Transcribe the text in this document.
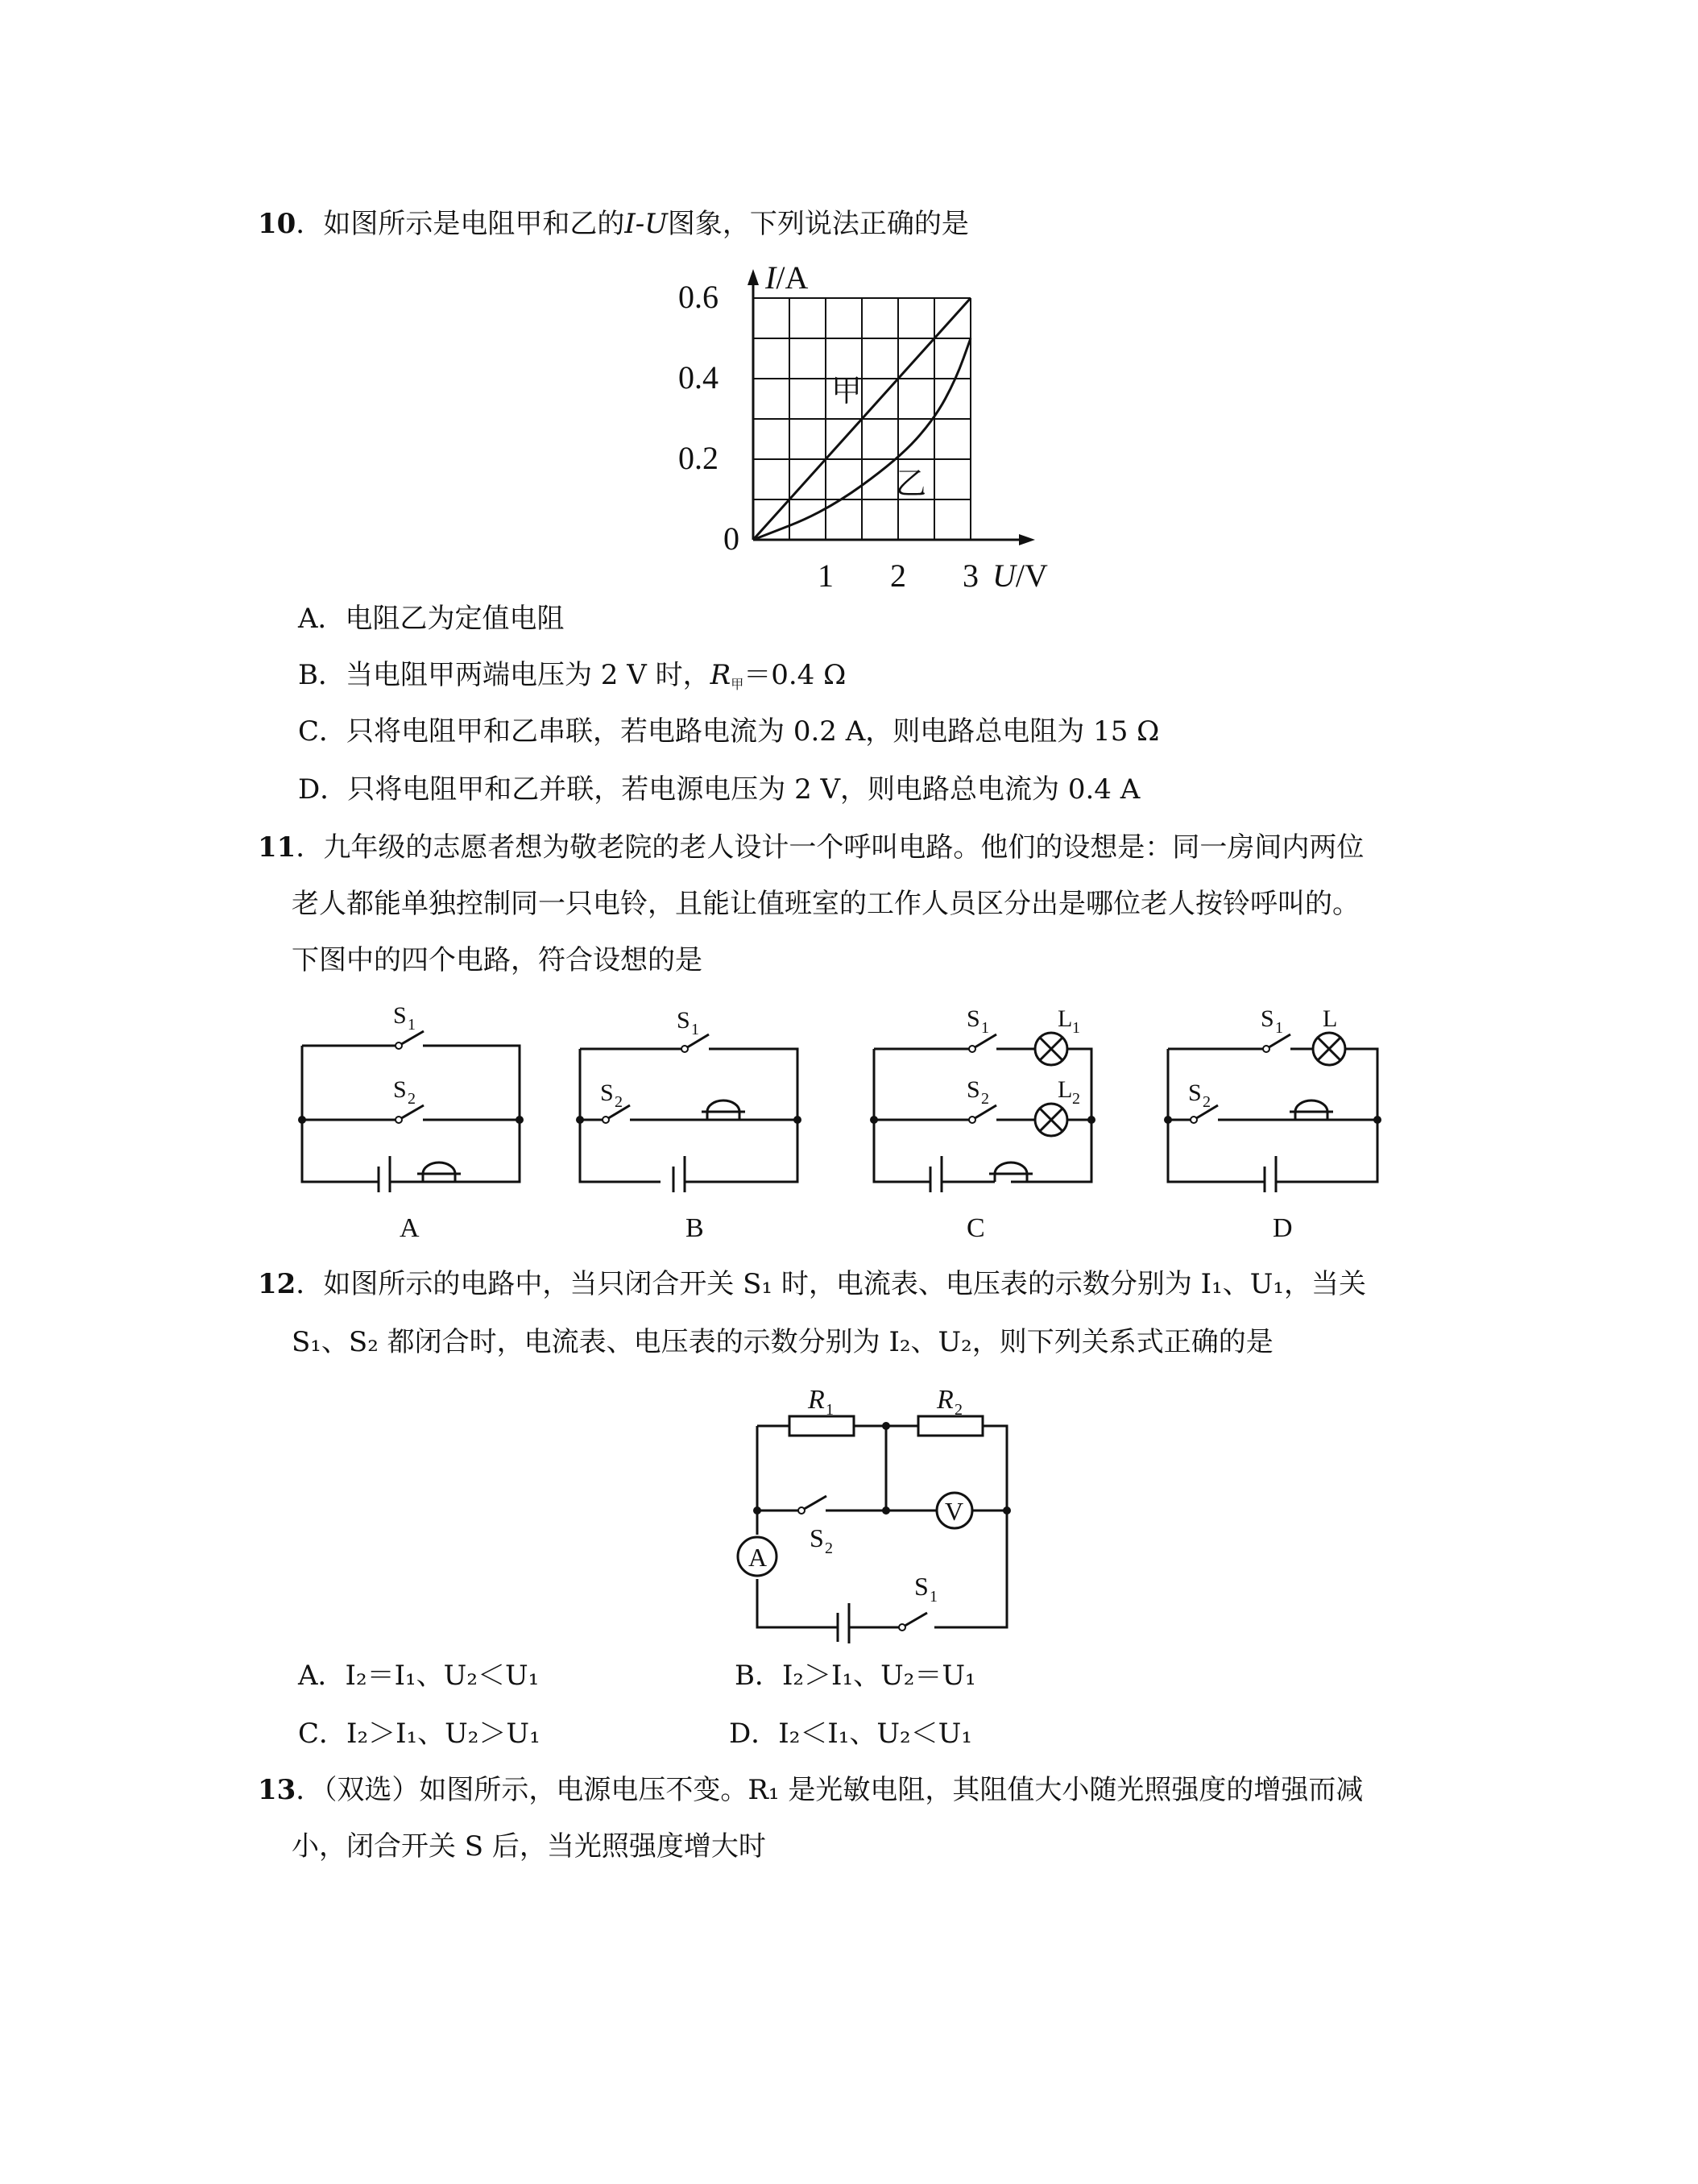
10．如图所示是电阻甲和乙的I-U图象，下列说法正确的是
I/A
U/V
0
0.2
0.4
0.6
1 2 3
甲
乙
A．电阻乙为定值电阻
B．当电阻甲两端电压为 2 V 时，$R_甲=0.4$ Ω
C．只将电阻甲和乙串联，若电路电流为 0.2 A，则电路总电阻为 15 Ω
D．只将电阻甲和乙并联，若电源电压为 2 V，则电路总电流为 0.4 A
11．九年级的志愿者想为敬老院的老人设计一个呼叫电路。他们的设想是：同一房间内两位
老人都能单独控制同一只电铃，且能让值班室的工作人员区分出是哪位老人按铃呼叫的。
下图中的四个电路，符合设想的是
S 1
S 2
A
S 1
S 2
B
S 1
S 2
L 1
L 2
C
S 1
S 2
L
D
12．如图所示的电路中，当只闭合开关 S₁ 时，电流表、电压表的示数分别为 I₁、U₁，当关
S₁、S₂ 都闭合时，电流表、电压表的示数分别为 I₂、U₂，则下列关系式正确的是
V
A
R 1	R 2
S 2
S 1
A．I₂＝I₁、U₂＜U₁	B．I₂＞I₁、U₂＝U₁
C．I₂＞I₁、U₂＞U₁	D．I₂＜I₁、U₂＜U₁
13．（双选）如图所示，电源电压不变。R₁ 是光敏电阻，其阻值大小随光照强度的增强而减
小，闭合开关 S 后，当光照强度增大时
